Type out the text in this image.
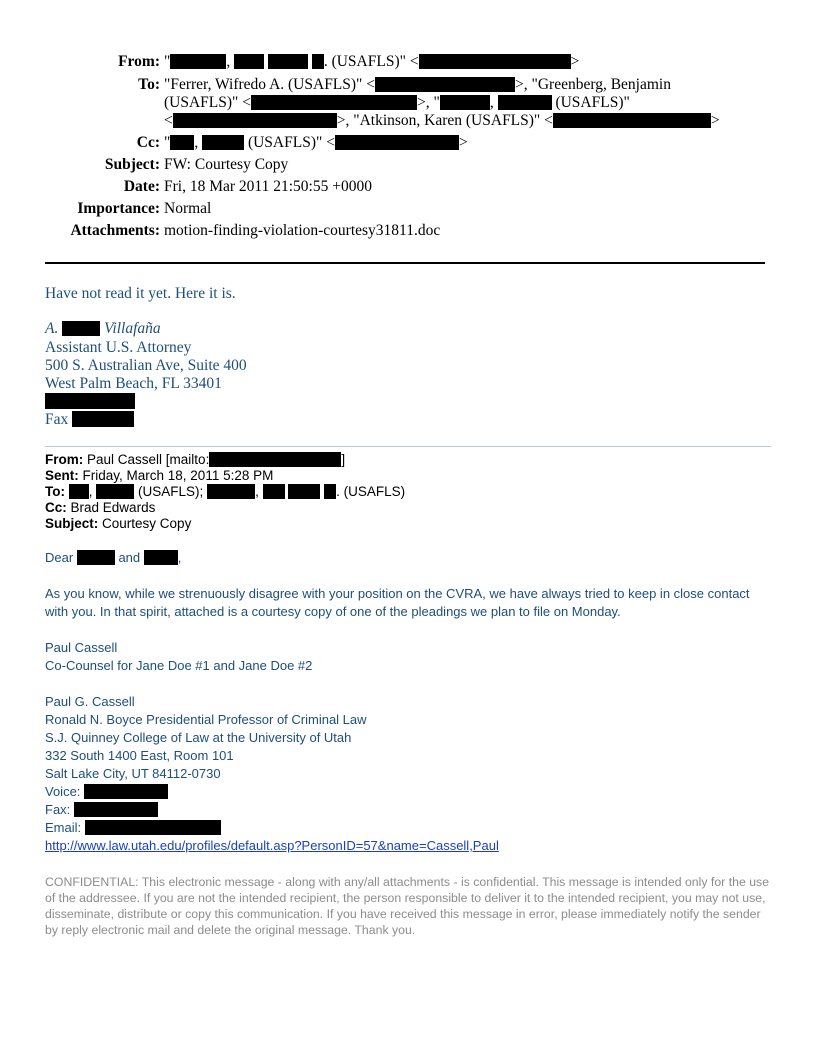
From: "	,	. (USAFLS)" <	>
To: "Ferrer, Wifredo A. (USAFLS)" <	>, "Greenberg, Benjamin
(USAFLS)" <	>, "	,	(USAFLS)"
<	>, "Atkinson, Karen (USAFLS)" <	>
Cc: " ,	(USAFLS)" <	>
Subject: FW: Courtesy Copy
Date: Fri, 18 Mar 2011 21:50:55 +0000
Importance: Normal
Attachments: motion-finding-violation-courtesy31811.doc
Have not read it yet. Here it is.
A.	Villafaña
Assistant U.S. Attorney
500 S. Australian Ave, Suite 400
West Palm Beach, FL 33401
Fax
From: Paul Cassell [mailto:	]
Sent: Friday, March 18, 2011 5:28 PM
To: ,	(USAFLS);	,	. (USAFLS)
Cc: Brad Edwards
Subject: Courtesy Copy
Dear	and	,
As you know, while we strenuously disagree with your position on the CVRA, we have always tried to keep in close contact
with you. In that spirit, attached is a courtesy copy of one of the pleadings we plan to file on Monday.
Paul Cassell
Co-Counsel for Jane Doe #1 and Jane Doe #2
Paul G. Cassell
Ronald N. Boyce Presidential Professor of Criminal Law
S.J. Quinney College of Law at the University of Utah
332 South 1400 East, Room 101
Salt Lake City, UT 84112-0730
Voice:
Fax:
Email:
http://www.law.utah.edu/profiles/default.asp?PersonID=57&name=Cassell,Paul
CONFIDENTIAL: This electronic message - along with any/all attachments - is confidential. This message is intended only for the use of the addressee. If you are not the intended recipient, the person responsible to deliver it to the intended recipient, you may not use, disseminate, distribute or copy this communication. If you have received this message in error, please immediately notify the sender by reply electronic mail and delete the original message. Thank you.
